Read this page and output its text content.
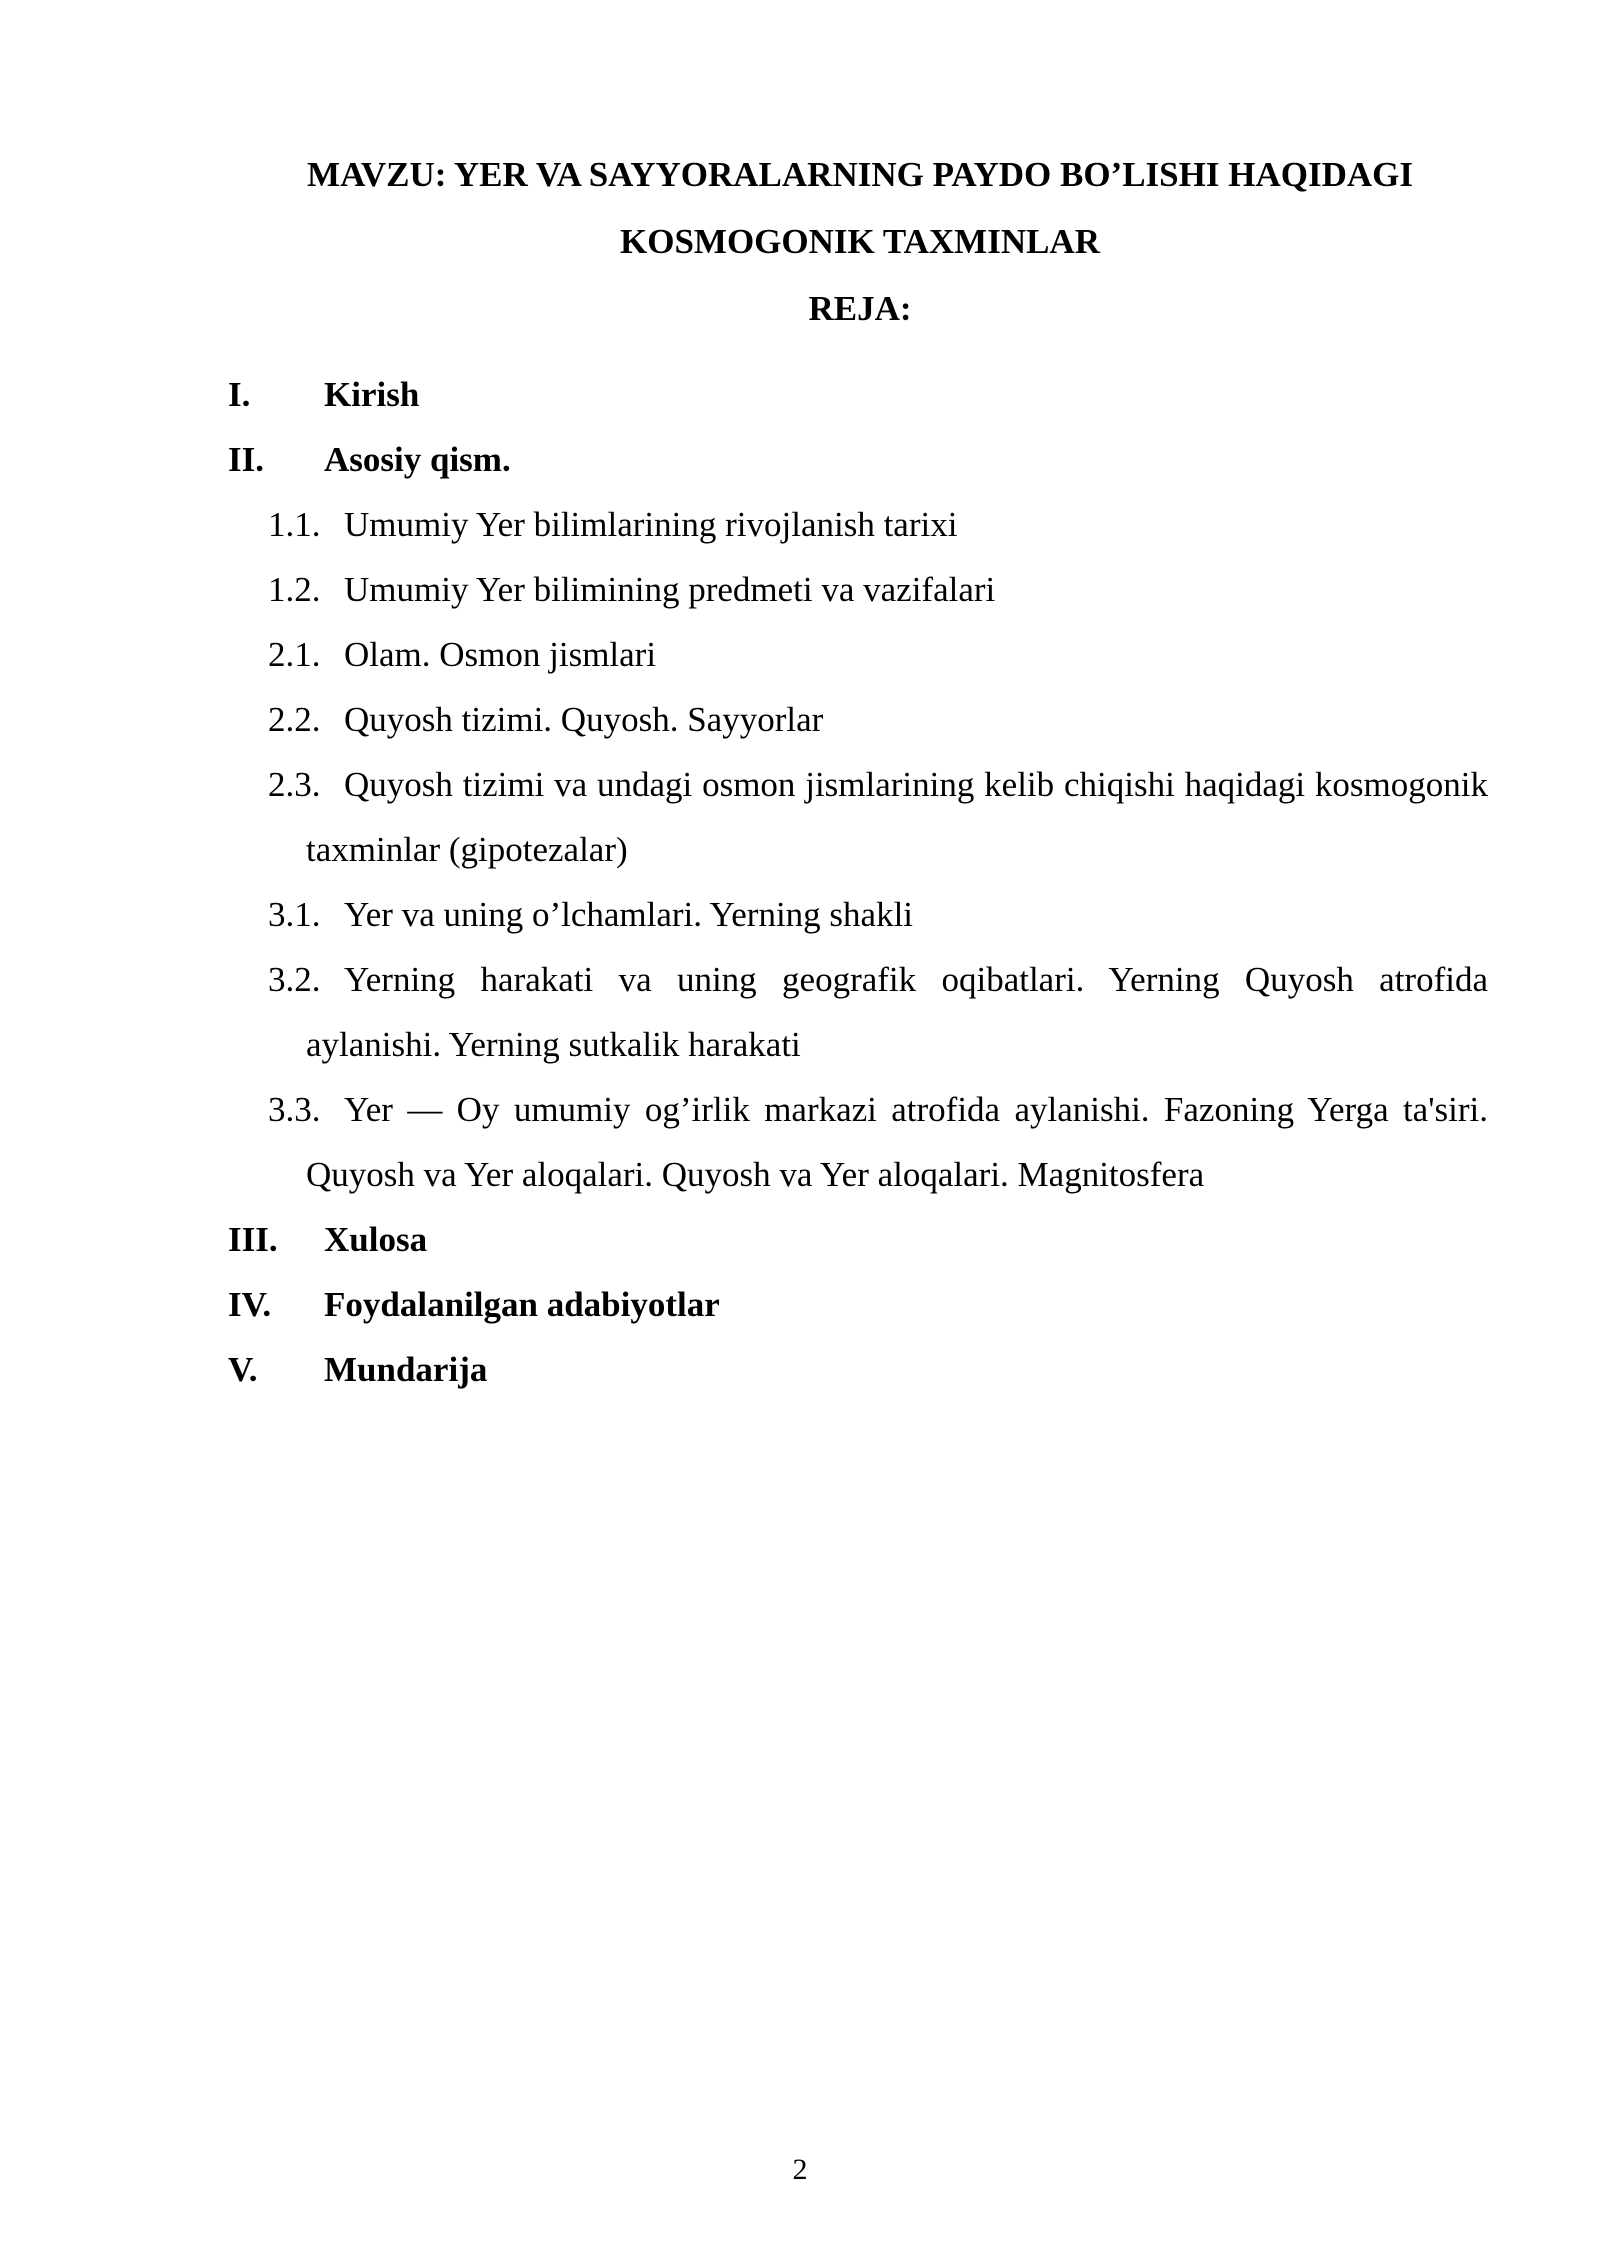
MAVZU: YER VA SAYYORALARNING PAYDO BO’LISHI HAQIDAGI
KOSMOGONIK TAXMINLAR
REJA:
I.	Kirish
II.	Asosiy qism.
1.1. Umumiy Yer bilimlarining rivojlanish tarixi
1.2. Umumiy Yer bilimining predmeti va vazifalari
2.1. Olam. Osmon jismlari
2.2. Quyosh tizimi. Quyosh. Sayyorlar
2.3. Quyosh tizimi va undagi osmon jismlarining kelib chiqishi haqidagi kosmogonik taxminlar (gipotezalar)
3.1. Yer va uning o’lchamlari. Yerning shakli
3.2. Yerning harakati va uning geografik oqibatlari. Yerning Quyosh atrofida aylanishi. Yerning sutkalik harakati
3.3. Yer — Oy umumiy og’irlik markazi atrofida aylanishi. Fazoning Yerga ta's​iri. Quyosh va Yer aloqalari. Quyosh va Yer aloqalari. Magnitosfera
III.	Xulosa
IV.	Foydalanilgan adabiyotlar
V.	Mundarija
2
